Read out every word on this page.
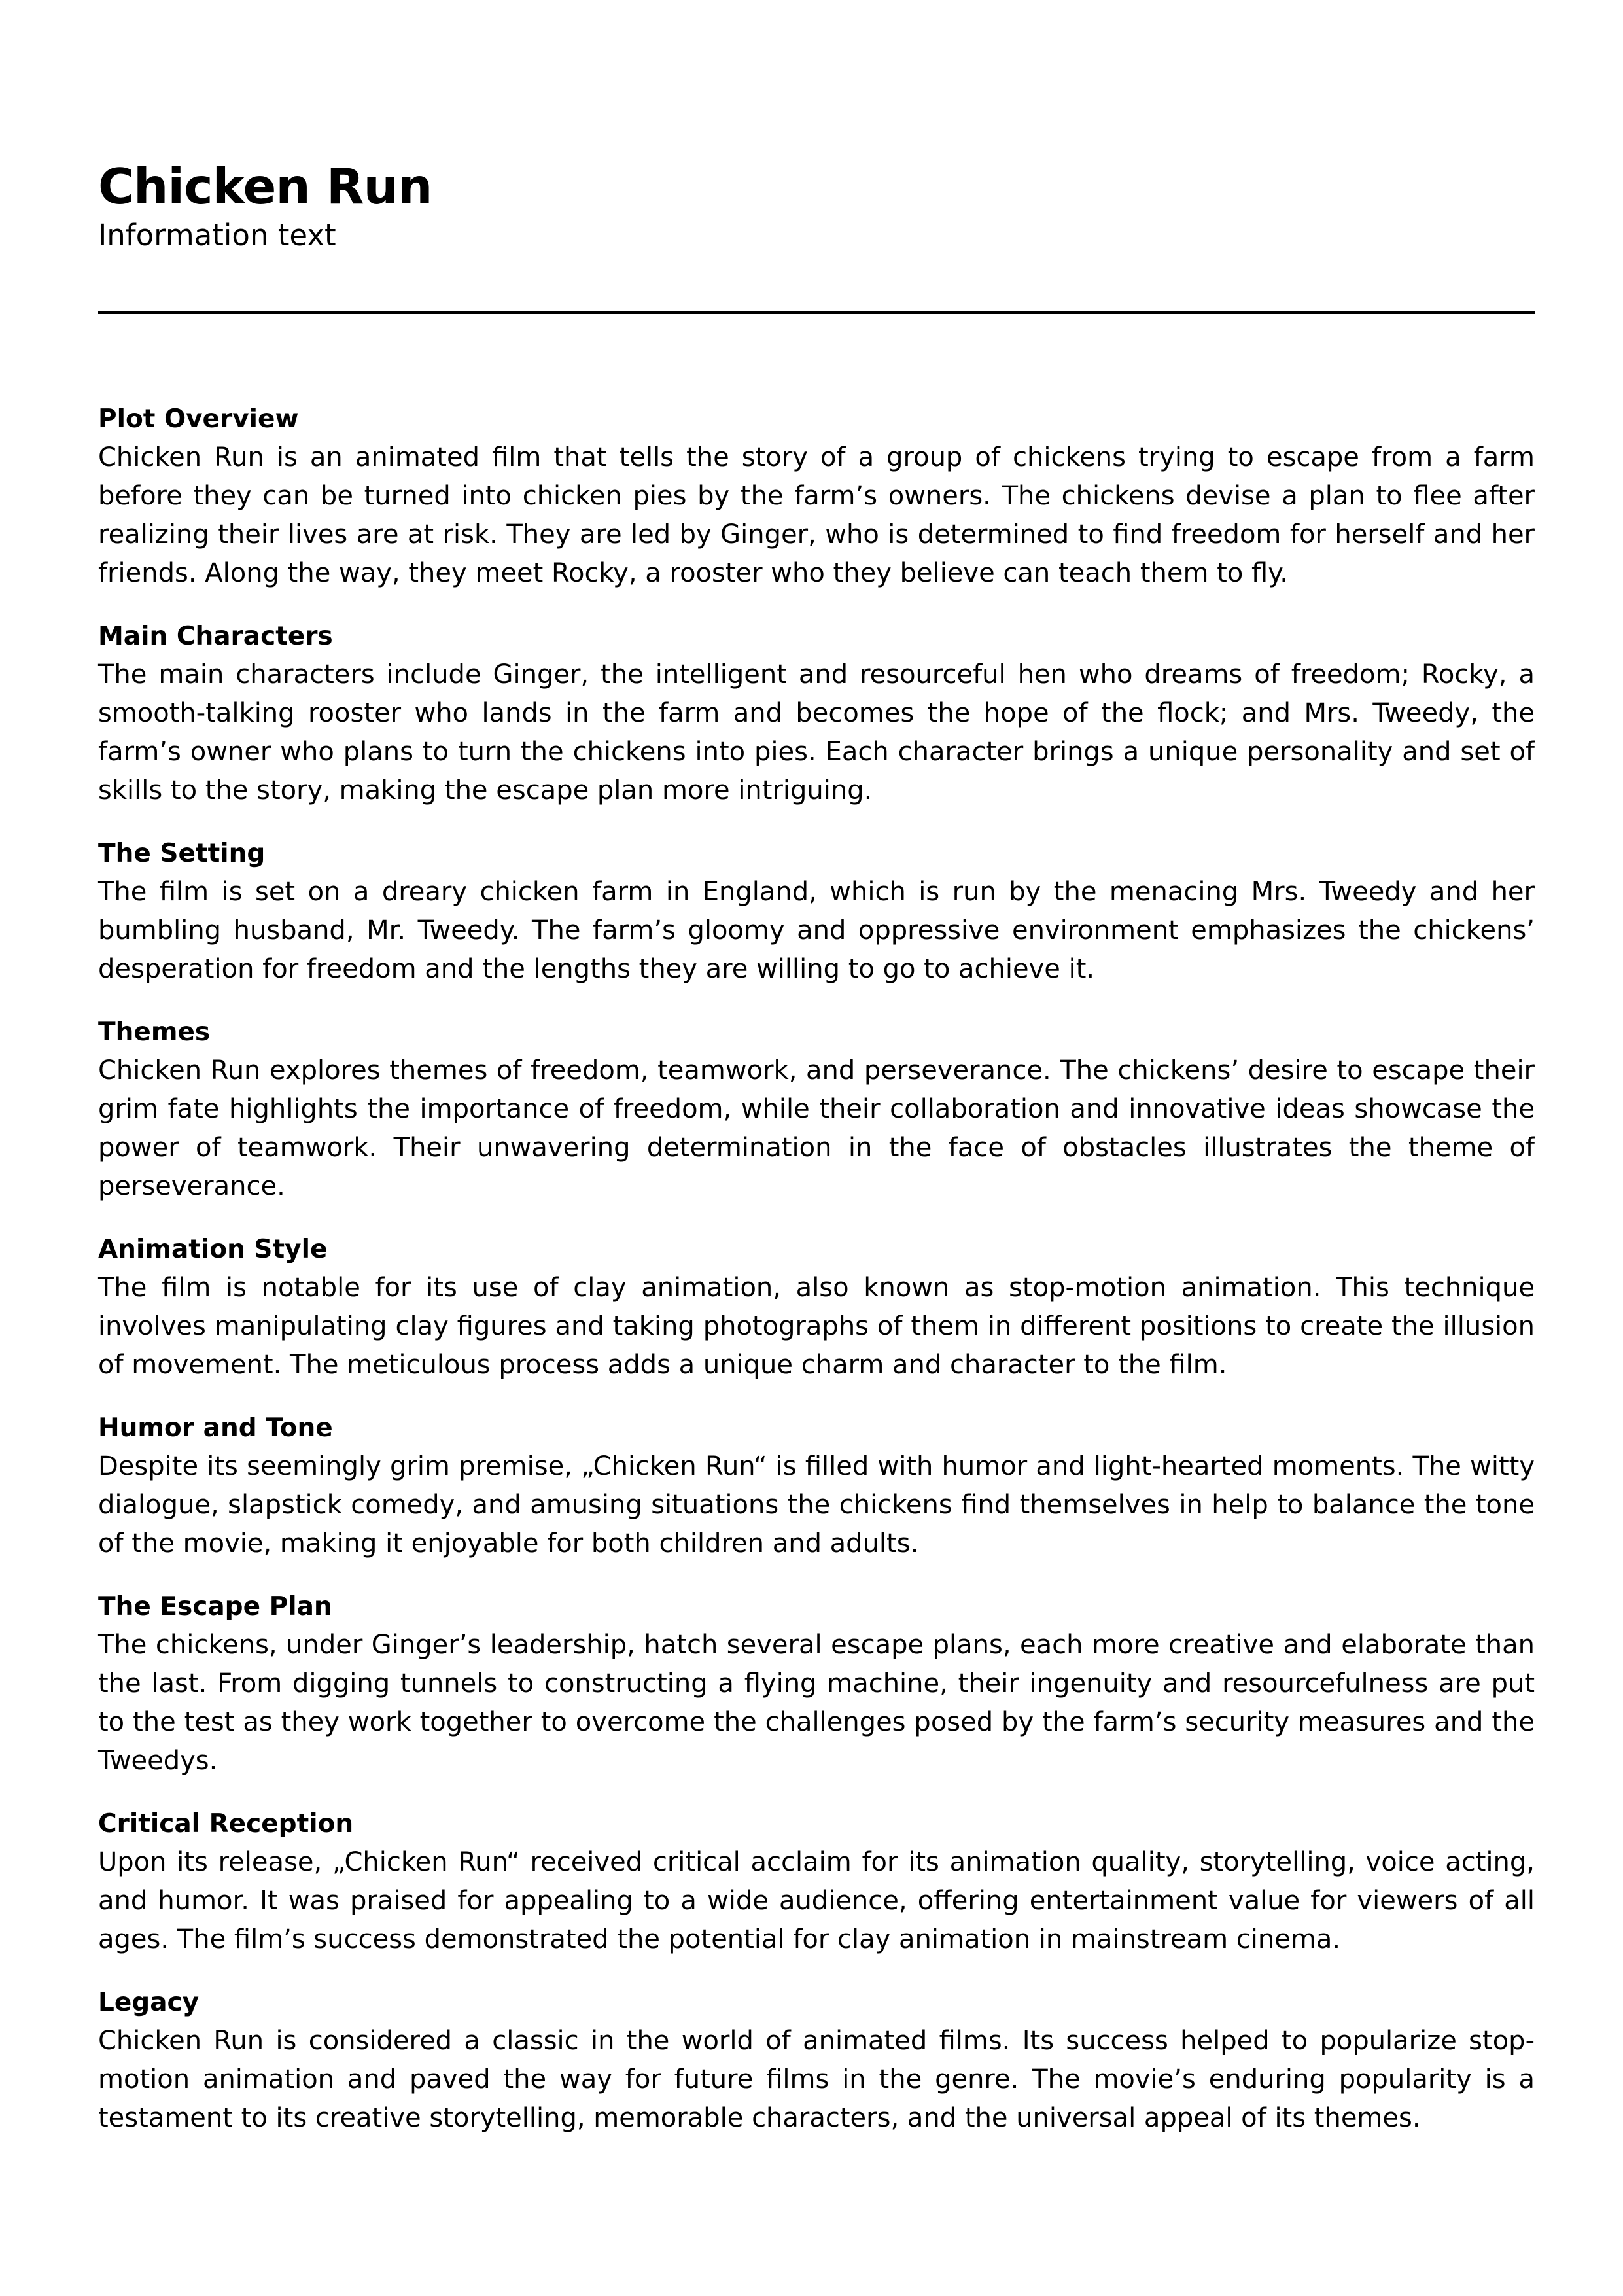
Chicken Run

Information text

Plot Overview

Chicken Run is an animated film that tells the story of a group of chickens trying to escape from a farm before they can be turned into chicken pies by the farm’s owners. The chickens devise a plan to flee after realizing their lives are at risk. They are led by Ginger, who is determined to find freedom for herself and her friends. Along the way, they meet Rocky, a rooster who they believe can teach them to fly.

Main Characters

The main characters include Ginger, the intelligent and resourceful hen who dreams of freedom; Rocky, a smooth-talking rooster who lands in the farm and becomes the hope of the flock; and Mrs. Tweedy, the farm’s owner who plans to turn the chickens into pies. Each character brings a unique personality and set of skills to the story, making the escape plan more intriguing.

The Setting

The film is set on a dreary chicken farm in England, which is run by the menacing Mrs. Tweedy and her bumbling husband, Mr. Tweedy. The farm’s gloomy and oppressive environment emphasizes the chickens’ desperation for freedom and the lengths they are willing to go to achieve it.

Themes

Chicken Run explores themes of freedom, teamwork, and perseverance. The chickens’ desire to escape their grim fate highlights the importance of freedom, while their collaboration and innovative ideas showcase the power of teamwork. Their unwavering determination in the face of obstacles illustrates the theme of perseverance.

Animation Style

The film is notable for its use of clay animation, also known as stop-motion animation. This technique involves manipulating clay figures and taking photographs of them in different positions to create the illusion of movement. The meticulous process adds a unique charm and character to the film.

Humor and Tone

Despite its seemingly grim premise, „Chicken Run“ is filled with humor and light-hearted moments. The witty dialogue, slapstick comedy, and amusing situations the chickens find themselves in help to balance the tone of the movie, making it enjoyable for both children and adults.

The Escape Plan

The chickens, under Ginger’s leadership, hatch several escape plans, each more creative and elaborate than the last. From digging tunnels to constructing a flying machine, their ingenuity and resourcefulness are put to the test as they work together to overcome the challenges posed by the farm’s security measures and the Tweedys.

Critical Reception

Upon its release, „Chicken Run“ received critical acclaim for its animation quality, storytelling, voice acting, and humor. It was praised for appealing to a wide audience, offering entertainment value for viewers of all ages. The film’s success demonstrated the potential for clay animation in mainstream cinema.

Legacy

Chicken Run is considered a classic in the world of animated films. Its success helped to popularize stop-motion animation and paved the way for future films in the genre. The movie’s enduring popularity is a testament to its creative storytelling, memorable characters, and the universal appeal of its themes.
